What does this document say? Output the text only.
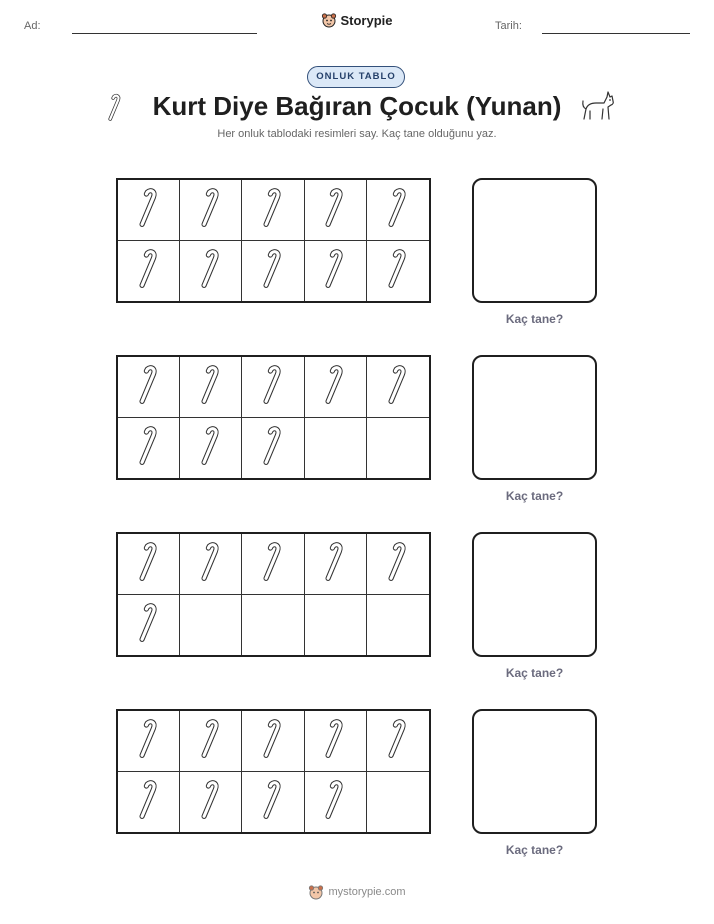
Ad:	Storypie	Tarih:
ONLUK TABLO
Kurt Diye Bağıran Çocuk (Yunan)
Her onluk tablodaki resimleri say. Kaç tane olduğunu yaz.
Kaç tane?
Kaç tane?
Kaç tane?
Kaç tane?
mystorypie.com
